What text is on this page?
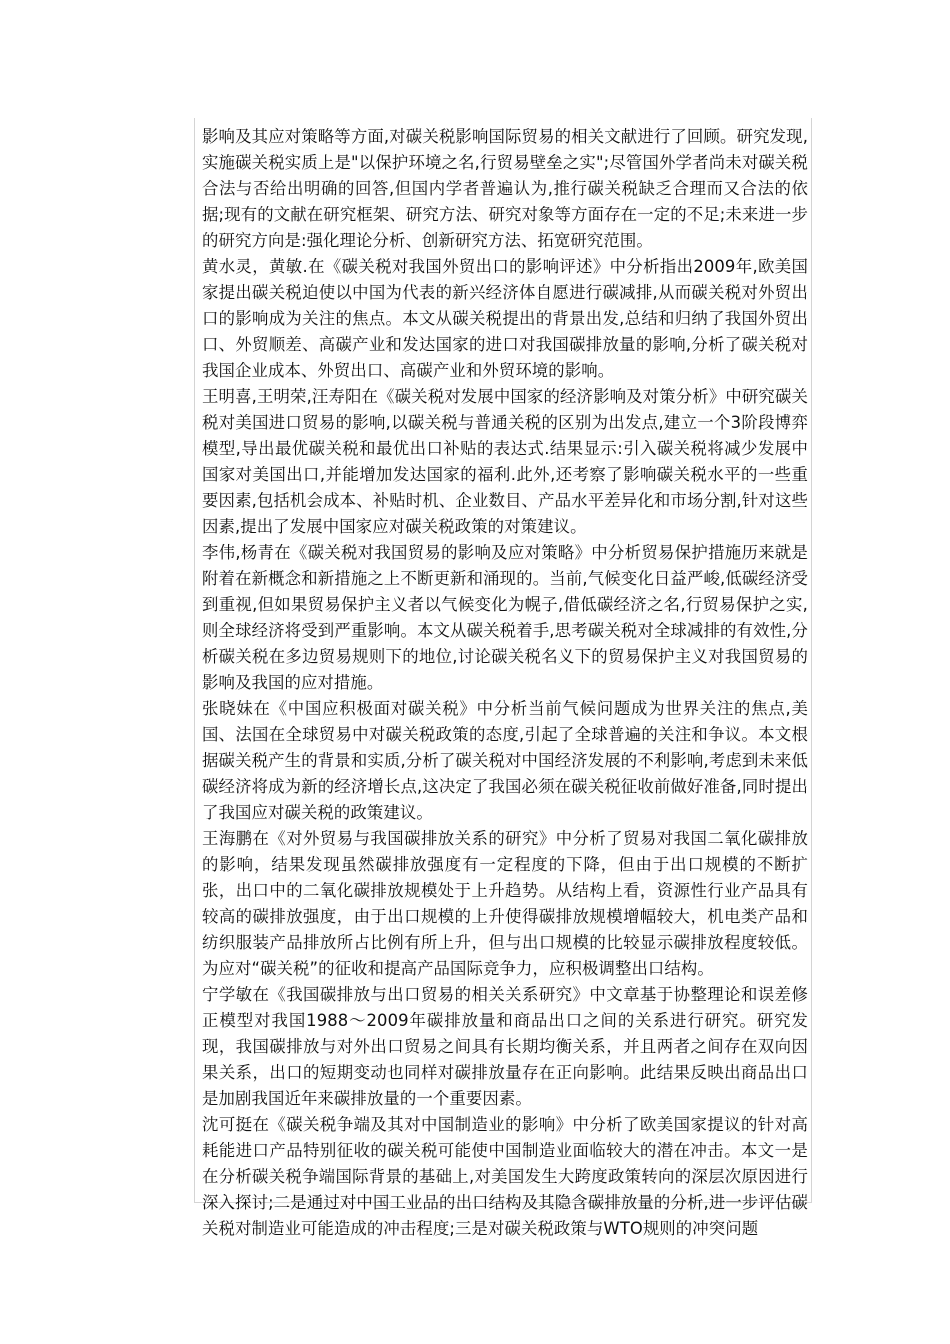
影响及其应对策略等方面,对碳关税影响国际贸易的相关文献进行了回顾。研究发现,实施碳关税实质上是"以保护环境之名,行贸易壁垒之实";尽管国外学者尚未对碳关税合法与否给出明确的回答,但国内学者普遍认为,推行碳关税缺乏合理而又合法的依据;现有的文献在研究框架、研究方法、研究对象等方面存在一定的不足;未来进一步的研究方向是:强化理论分析、创新研究方法、拓宽研究范围。

黄水灵，黄敏.在《碳关税对我国外贸出口的影响评述》中分析指出2009年,欧美国家提出碳关税迫使以中国为代表的新兴经济体自愿进行碳减排,从而碳关税对外贸出口的影响成为关注的焦点。本文从碳关税提出的背景出发,总结和归纳了我国外贸出口、外贸顺差、高碳产业和发达国家的进口对我国碳排放量的影响,分析了碳关税对我国企业成本、外贸出口、高碳产业和外贸环境的影响。

王明喜,王明荣,汪寿阳在《碳关税对发展中国家的经济影响及对策分析》中研究碳关税对美国进口贸易的影响,以碳关税与普通关税的区别为出发点,建立一个3阶段博弈模型,导出最优碳关税和最优出口补贴的表达式.结果显示:引入碳关税将减少发展中国家对美国出口,并能增加发达国家的福利.此外,还考察了影响碳关税水平的一些重要因素,包括机会成本、补贴时机、企业数目、产品水平差异化和市场分割,针对这些因素,提出了发展中国家应对碳关税政策的对策建议。

李伟,杨青在《碳关税对我国贸易的影响及应对策略》中分析贸易保护措施历来就是附着在新概念和新措施之上不断更新和涌现的。当前,气候变化日益严峻,低碳经济受到重视,但如果贸易保护主义者以气候变化为幌子,借低碳经济之名,行贸易保护之实,则全球经济将受到严重影响。本文从碳关税着手,思考碳关税对全球减排的有效性,分析碳关税在多边贸易规则下的地位,讨论碳关税名义下的贸易保护主义对我国贸易的影响及我国的应对措施。

张晓妹在《中国应积极面对碳关税》中分析当前气候问题成为世界关注的焦点,美国、法国在全球贸易中对碳关税政策的态度,引起了全球普遍的关注和争议。本文根据碳关税产生的背景和实质,分析了碳关税对中国经济发展的不利影响,考虑到未来低碳经济将成为新的经济增长点,这决定了我国必须在碳关税征收前做好准备,同时提出了我国应对碳关税的政策建议。

王海鹏在《对外贸易与我国碳排放关系的研究》中分析了贸易对我国二氧化碳排放的影响，结果发现虽然碳排放强度有一定程度的下降，但由于出口规模的不断扩张，出口中的二氧化碳排放规模处于上升趋势。从结构上看，资源性行业产品具有较高的碳排放强度，由于出口规模的上升使得碳排放规模增幅较大，机电类产品和纺织服装产品排放所占比例有所上升，但与出口规模的比较显示碳排放程度较低。为应对“碳关税”的征收和提高产品国际竞争力，应积极调整出口结构。

宁学敏在《我国碳排放与出口贸易的相关关系研究》中文章基于协整理论和误差修正模型对我国1988～2009年碳排放量和商品出口之间的关系进行研究。研究发现，我国碳排放与对外出口贸易之间具有长期均衡关系，并且两者之间存在双向因果关系，出口的短期变动也同样对碳排放量存在正向影响。此结果反映出商品出口是加剧我国近年来碳排放量的一个重要因素。

沈可挺在《碳关税争端及其对中国制造业的影响》中分析了欧美国家提议的针对高耗能进口产品特别征收的碳关税可能使中国制造业面临较大的潜在冲击。本文一是在分析碳关税争端国际背景的基础上,对美国发生大跨度政策转向的深层次原因进行深入探讨;二是通过对中国工业品的出口结构及其隐含碳排放量的分析,进一步评估碳关税对制造业可能造成的冲击程度;三是对碳关税政策与WTO规则的冲突问题
